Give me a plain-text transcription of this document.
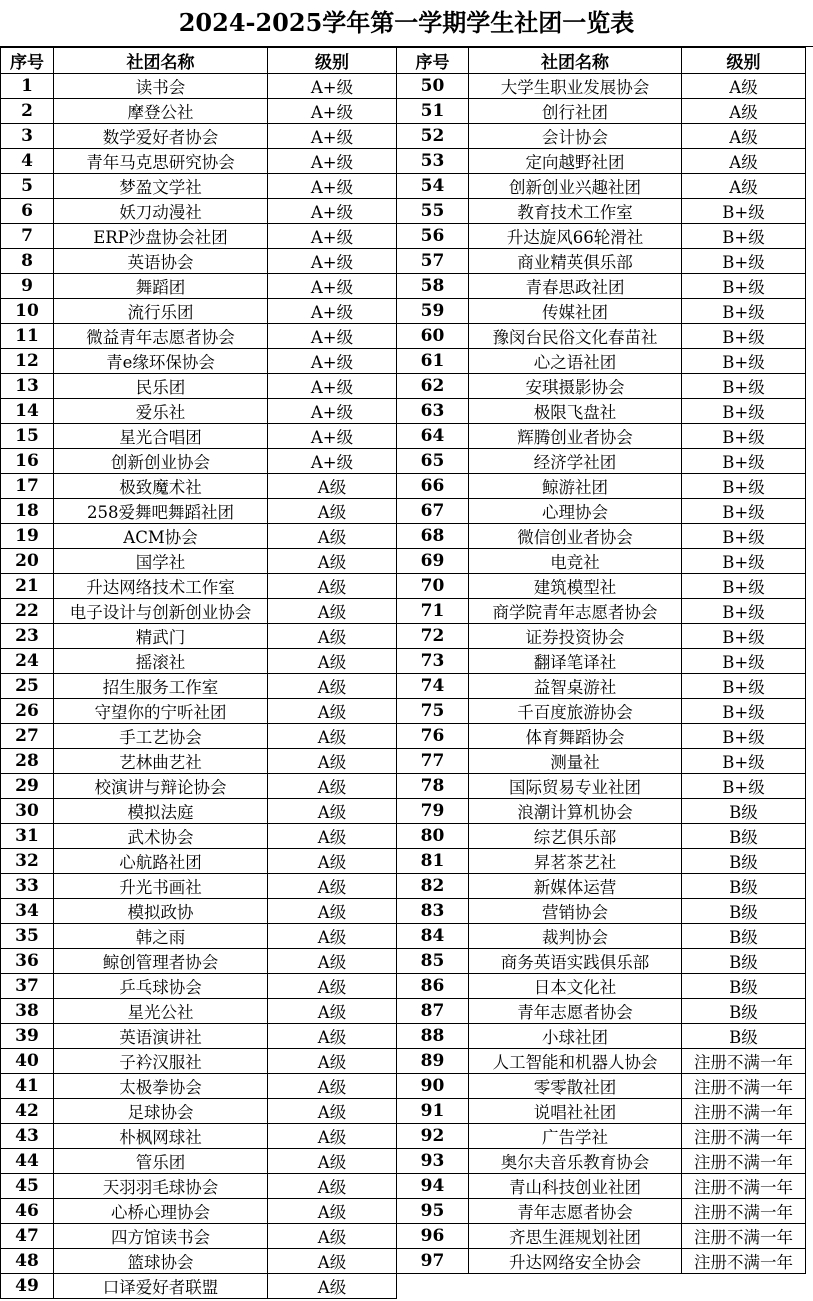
2024-2025学年第一学期学生社团一览表
序号	社团名称	级别	序号	社团名称	级别
1	读书会	A+级	50	大学生职业发展协会	A级
2	摩登公社	A+级	51	创行社团	A级
3	数学爱好者协会	A+级	52	会计协会	A级
4	青年马克思研究协会	A+级	53	定向越野社团	A级
5	梦盈文学社	A+级	54	创新创业兴趣社团	A级
6	妖刀动漫社	A+级	55	教育技术工作室	B+级
7	ERP沙盘协会社团	A+级	56	升达旋风66轮滑社	B+级
8	英语协会	A+级	57	商业精英俱乐部	B+级
9	舞蹈团	A+级	58	青春思政社团	B+级
10	流行乐团	A+级	59	传媒社团	B+级
11	微益青年志愿者协会	A+级	60	豫闵台民俗文化春苗社	B+级
12	青e缘环保协会	A+级	61	心之语社团	B+级
13	民乐团	A+级	62	安琪摄影协会	B+级
14	爱乐社	A+级	63	极限飞盘社	B+级
15	星光合唱团	A+级	64	辉腾创业者协会	B+级
16	创新创业协会	A+级	65	经济学社团	B+级
17	极致魔术社	A级	66	鲸游社团	B+级
18	258爱舞吧舞蹈社团	A级	67	心理协会	B+级
19	ACM协会	A级	68	微信创业者协会	B+级
20	国学社	A级	69	电竞社	B+级
21	升达网络技术工作室	A级	70	建筑模型社	B+级
22	电子设计与创新创业协会	A级	71	商学院青年志愿者协会	B+级
23	精武门	A级	72	证券投资协会	B+级
24	摇滚社	A级	73	翻译笔译社	B+级
25	招生服务工作室	A级	74	益智桌游社	B+级
26	守望你的宁听社团	A级	75	千百度旅游协会	B+级
27	手工艺协会	A级	76	体育舞蹈协会	B+级
28	艺林曲艺社	A级	77	测量社	B+级
29	校演讲与辩论协会	A级	78	国际贸易专业社团	B+级
30	模拟法庭	A级	79	浪潮计算机协会	B级
31	武术协会	A级	80	综艺俱乐部	B级
32	心航路社团	A级	81	昇茗茶艺社	B级
33	升光书画社	A级	82	新媒体运营	B级
34	模拟政协	A级	83	营销协会	B级
35	韩之雨	A级	84	裁判协会	B级
36	鲸创管理者协会	A级	85	商务英语实践俱乐部	B级
37	乒乓球协会	A级	86	日本文化社	B级
38	星光公社	A级	87	青年志愿者协会	B级
39	英语演讲社	A级	88	小球社团	B级
40	子衿汉服社	A级	89	人工智能和机器人协会	注册不满一年
41	太极拳协会	A级	90	零零散社团	注册不满一年
42	足球协会	A级	91	说唱社社团	注册不满一年
43	朴枫网球社	A级	92	广告学社	注册不满一年
44	管乐团	A级	93	奥尔夫音乐教育协会	注册不满一年
45	天羽羽毛球协会	A级	94	青山科技创业社团	注册不满一年
46	心桥心理协会	A级	95	青年志愿者协会	注册不满一年
47	四方馆读书会	A级	96	齐思生涯规划社团	注册不满一年
48	篮球协会	A级	97	升达网络安全协会	注册不满一年
49	口译爱好者联盟	A级			
